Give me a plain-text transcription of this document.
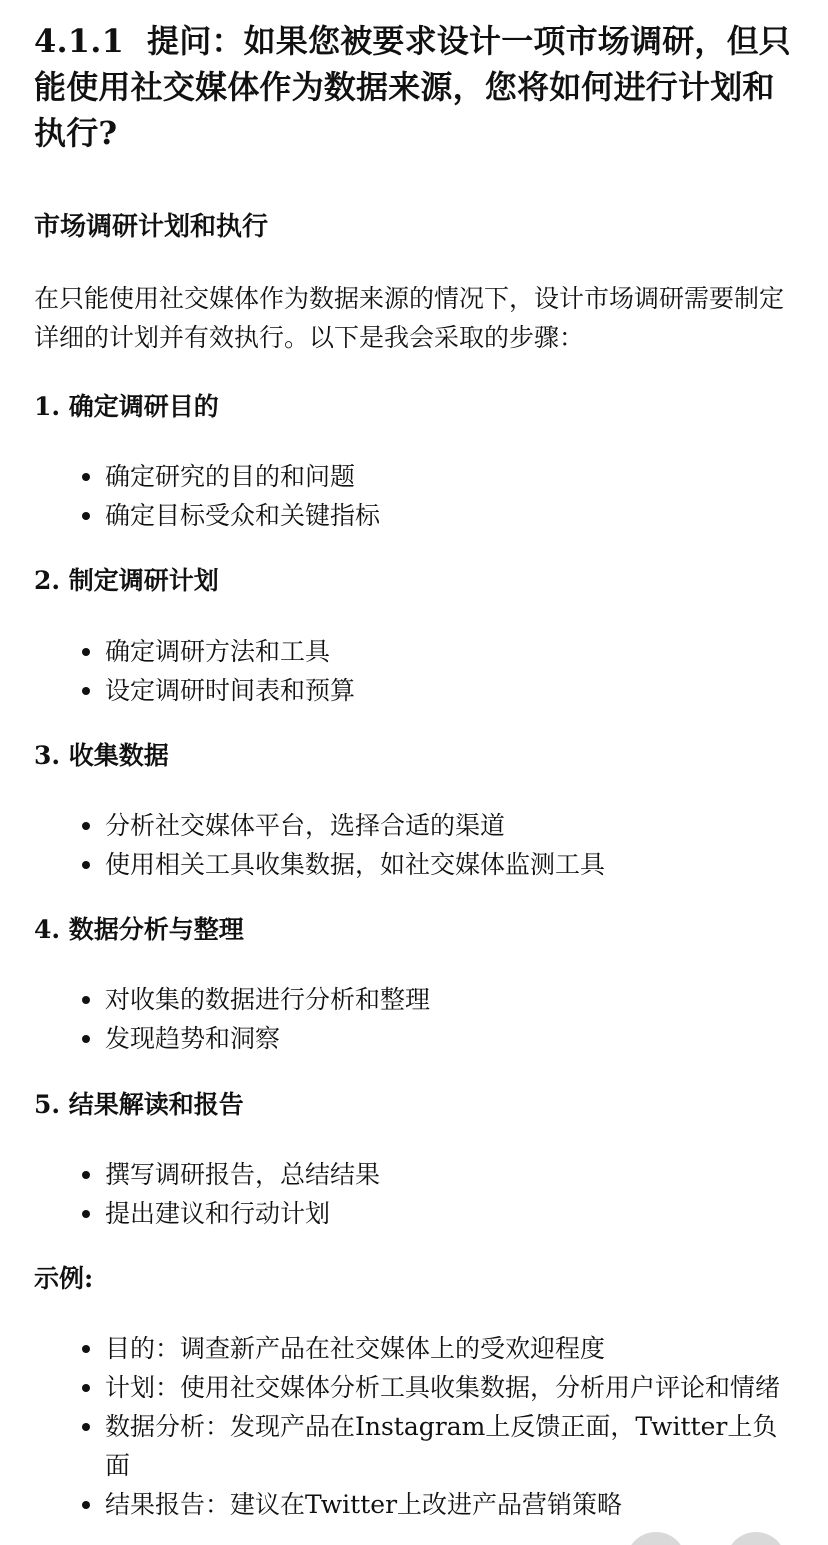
4.1.1 提问：如果您被要求设计一项市场调研，但只能使用社交媒体作为数据来源，您将如何进行计划和执行?
市场调研计划和执行
在只能使用社交媒体作为数据来源的情况下，设计市场调研需要制定详细的计划并有效执行。以下是我会采取的步骤：
1. 确定调研目的
确定研究的目的和问题
确定目标受众和关键指标
2. 制定调研计划
确定调研方法和工具
设定调研时间表和预算
3. 收集数据
分析社交媒体平台，选择合适的渠道
使用相关工具收集数据，如社交媒体监测工具
4. 数据分析与整理
对收集的数据进行分析和整理
发现趋势和洞察
5. 结果解读和报告
撰写调研报告，总结结果
提出建议和行动计划
示例:
目的：调查新产品在社交媒体上的受欢迎程度
计划：使用社交媒体分析工具收集数据，分析用户评论和情绪
数据分析：发现产品在Instagram上反馈正面，Twitter上负面
结果报告：建议在Twitter上改进产品营销策略
